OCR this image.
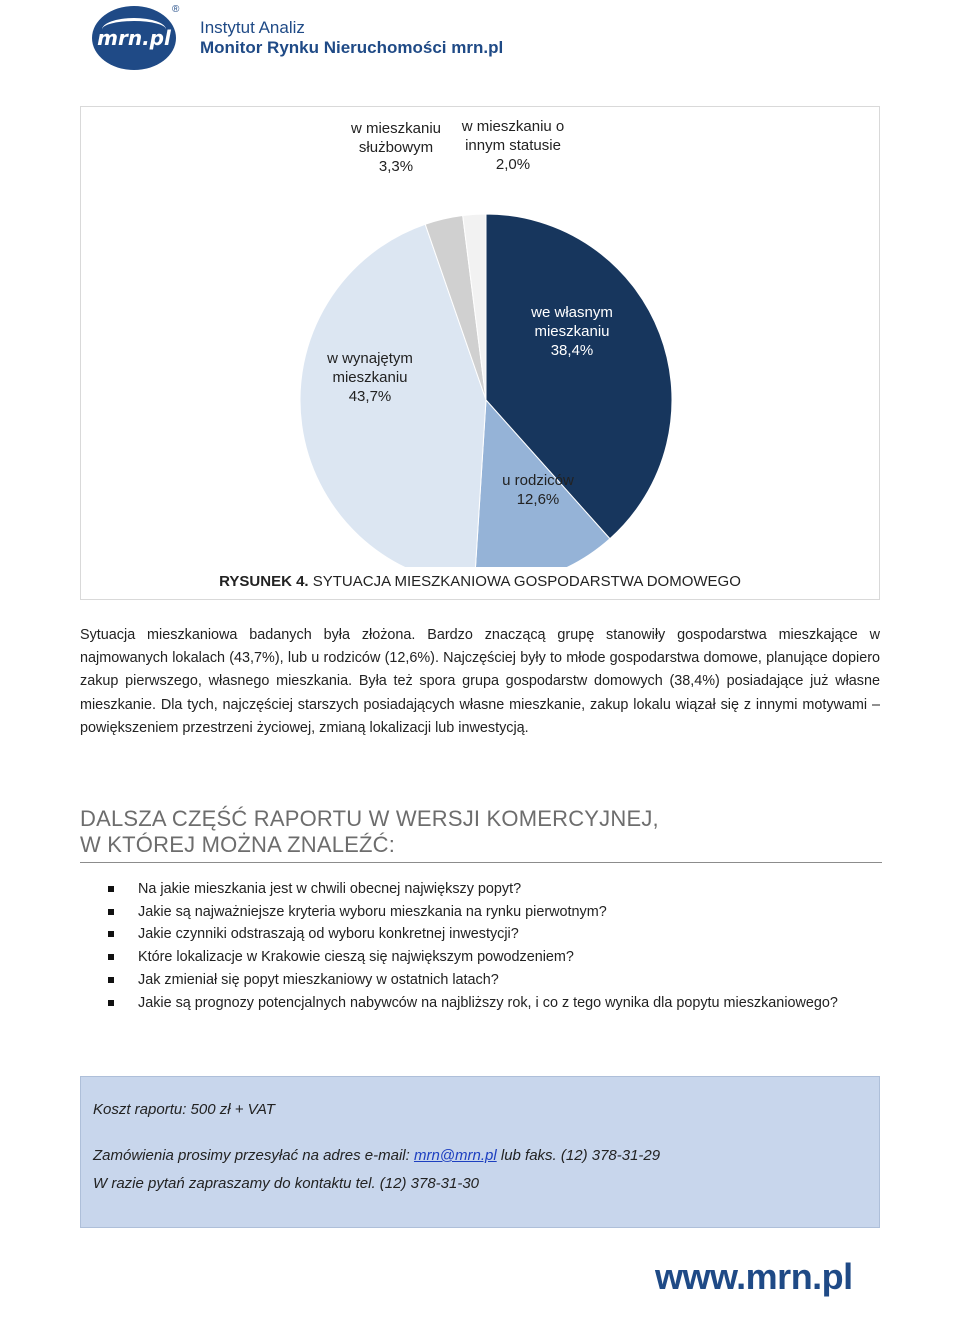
mrn.pl
®
Instytut Analiz
Monitor Rynku Nieruchomości mrn.pl
w mieszkaniu
służbowym
3,3%
w mieszkaniu o
innym statusie
2,0%
we własnym
mieszkaniu
38,4%
w wynajętym
mieszkaniu
43,7%
u rodziców
12,6%
RYSUNEK 4. SYTUACJA MIESZKANIOWA GOSPODARSTWA DOMOWEGO
Sytuacja mieszkaniowa badanych była złożona. Bardzo znaczącą grupę stanowiły gospodarstwa mieszkające w najmowanych lokalach (43,7%), lub u rodziców (12,6%). Najczęściej były to młode gospodarstwa domowe, planujące dopiero zakup pierwszego, własnego mieszkania. Była też spora grupa gospodarstw domowych (38,4%) posiadające już własne mieszkanie. Dla tych, najczęściej starszych posiadających własne mieszkanie, zakup lokalu wiązał się z innymi motywami – powiększeniem przestrzeni życiowej, zmianą lokalizacji lub inwestycją.
DALSZA CZĘŚĆ RAPORTU W WERSJI KOMERCYJNEJ,
W KTÓREJ MOŻNA ZNALEŹĆ:
Na jakie mieszkania jest w chwili obecnej największy popyt?
Jakie są najważniejsze kryteria wyboru mieszkania na rynku pierwotnym?
Jakie czynniki odstraszają od wyboru konkretnej inwestycji?
Które lokalizacje w Krakowie cieszą się największym powodzeniem?
Jak zmieniał się popyt mieszkaniowy w ostatnich latach?
Jakie są prognozy potencjalnych nabywców na najbliższy rok, i co z tego wynika dla popytu mieszkaniowego?
Koszt raportu: 500 zł + VAT
Zamówienia prosimy przesyłać na adres e-mail: mrn@mrn.pl lub faks. (12) 378-31-29
W razie pytań zapraszamy do kontaktu tel. (12) 378-31-30
www.mrn.pl
